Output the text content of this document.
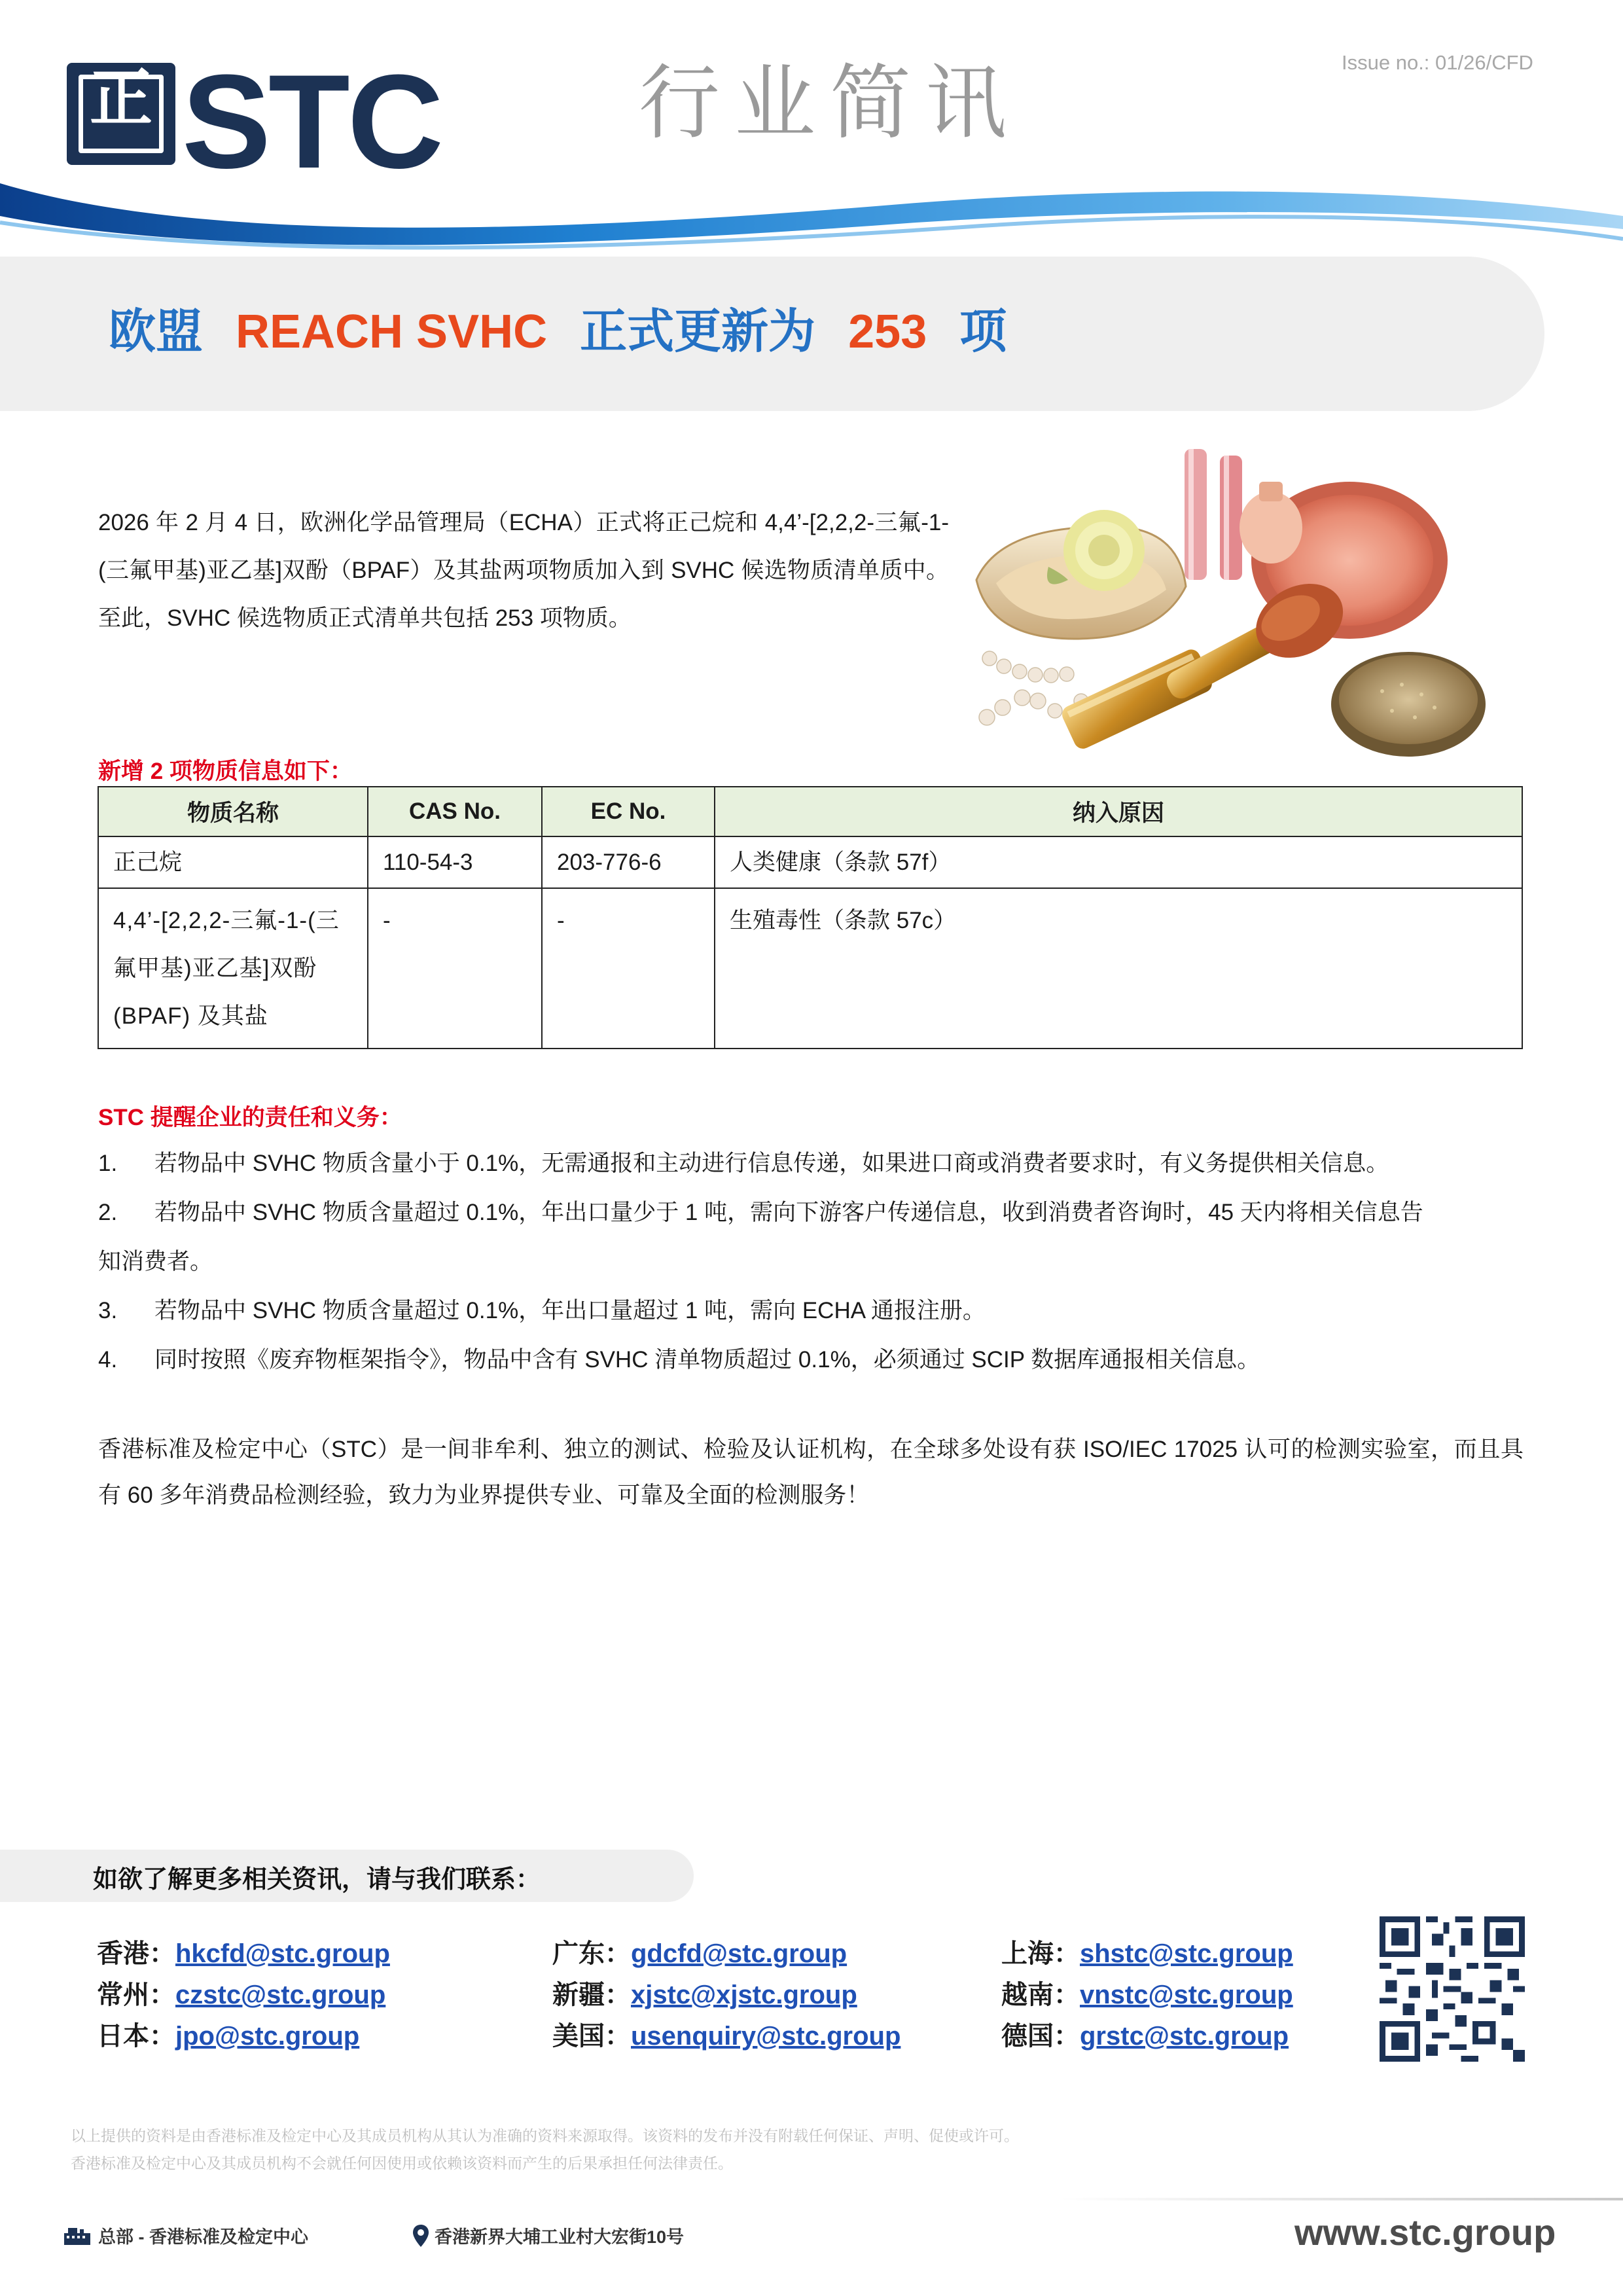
正 STC 行业简讯	Issue no.: 01/26/CFD
欧盟 REACH SVHC 正式更新为 253 项
2026 年 2 月 4 日，欧洲化学品管理局（ECHA）正式将正己烷和 4,4’-[2,2,2-三氟-1-(三氟甲基)亚乙基]双酚（BPAF）及其盐两项物质加入到 SVHC 候选物质清单质中。至此，SVHC 候选物质正式清单共包括 253 项物质。
新增 2 项物质信息如下：
物质名称	CAS No.	EC No.	纳入原因
正己烷	110-54-3	203-776-6	人类健康（条款 57f）
4,4’-[2,2,2-三氟-1-(三氟甲基)亚乙基]双酚 (BPAF) 及其盐	-	-	生殖毒性（条款 57c）
STC 提醒企业的责任和义务：
1.	若物品中 SVHC 物质含量小于 0.1%，无需通报和主动进行信息传递，如果进口商或消费者要求时，有义务提供相关信息。
2.	若物品中 SVHC 物质含量超过 0.1%，年出口量少于 1 吨，需向下游客户传递信息，收到消费者咨询时，45 天内将相关信息告
知消费者。
3.	若物品中 SVHC 物质含量超过 0.1%，年出口量超过 1 吨，需向 ECHA 通报注册。
4.	同时按照《废弃物框架指令》，物品中含有 SVHC 清单物质超过 0.1%，必须通过 SCIP 数据库通报相关信息。
香港标准及检定中心（STC）是一间非牟利、独立的测试、检验及认证机构，在全球多处设有获 ISO/IEC 17025 认可的检测实验室，而且具有 60 多年消费品检测经验，致力为业界提供专业、可靠及全面的检测服务！
如欲了解更多相关资讯，请与我们联系：
香港：hkcfd@stc.group
常州：czstc@stc.group
日本：jpo@stc.group
广东：gdcfd@stc.group
新疆：xjstc@xjstc.group
美国：usenquiry@stc.group
上海：shstc@stc.group
越南：vnstc@stc.group
德国：grstc@stc.group
以上提供的资料是由香港标准及检定中心及其成员机构从其认为准确的资料来源取得。该资料的发布并没有附载任何保证、声明、促使或许可。
香港标准及检定中心及其成员机构不会就任何因使用或依赖该资料而产生的后果承担任何法律责任。
总部 - 香港标准及检定中心	香港新界大埔工业村大宏街10号	www.stc.group
